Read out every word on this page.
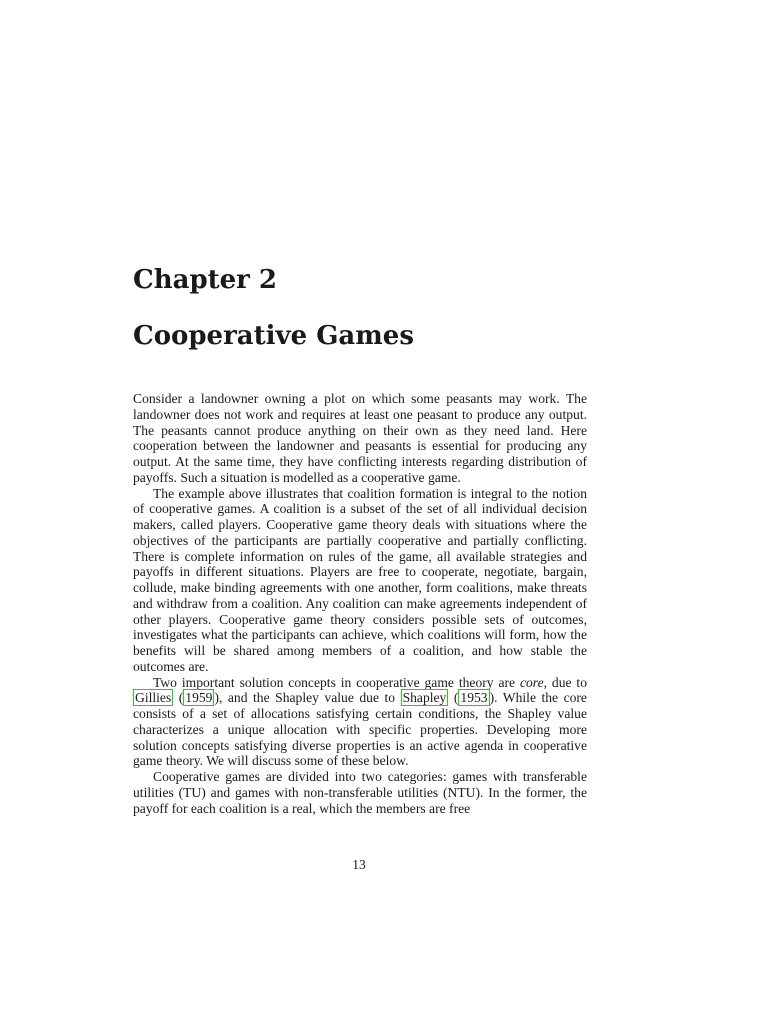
Chapter 2
Cooperative Games

Consider a landowner owning a plot on which some peasants may work. The landowner does not work and requires at least one peasant to produce any output. The peasants cannot produce anything on their own as they need land. Here cooperation between the landowner and peasants is essential for producing any output. At the same time, they have conflicting interests regarding distribution of payoffs. Such a situation is modelled as a cooperative game.

The example above illustrates that coalition formation is integral to the notion of cooperative games. A coalition is a subset of the set of all individual decision makers, called players. Cooperative game theory deals with situations where the objectives of the participants are partially cooperative and partially conflicting. There is complete information on rules of the game, all available strategies and payoffs in different situations. Players are free to cooperate, negotiate, bargain, collude, make binding agreements with one another, form coalitions, make threats and withdraw from a coalition. Any coalition can make agreements independent of other players. Cooperative game theory considers possible sets of outcomes, investigates what the participants can achieve, which coalitions will form, how the benefits will be shared among members of a coalition, and how stable the outcomes are.

Two important solution concepts in cooperative game theory are core, due to Gillies ( 1959 ), and the Shapley value due to Shapley ( 1953 ). While the core consists of a set of allocations satisfying certain conditions, the Shapley value characterizes a unique allocation with specific properties. Developing more solution concepts satisfying diverse properties is an active agenda in cooperative game theory. We will discuss some of these below.

Cooperative games are divided into two categories: games with transferable utilities (TU) and games with non-transferable utilities (NTU). In the former, the payoff for each coalition is a real, which the members are free

13
